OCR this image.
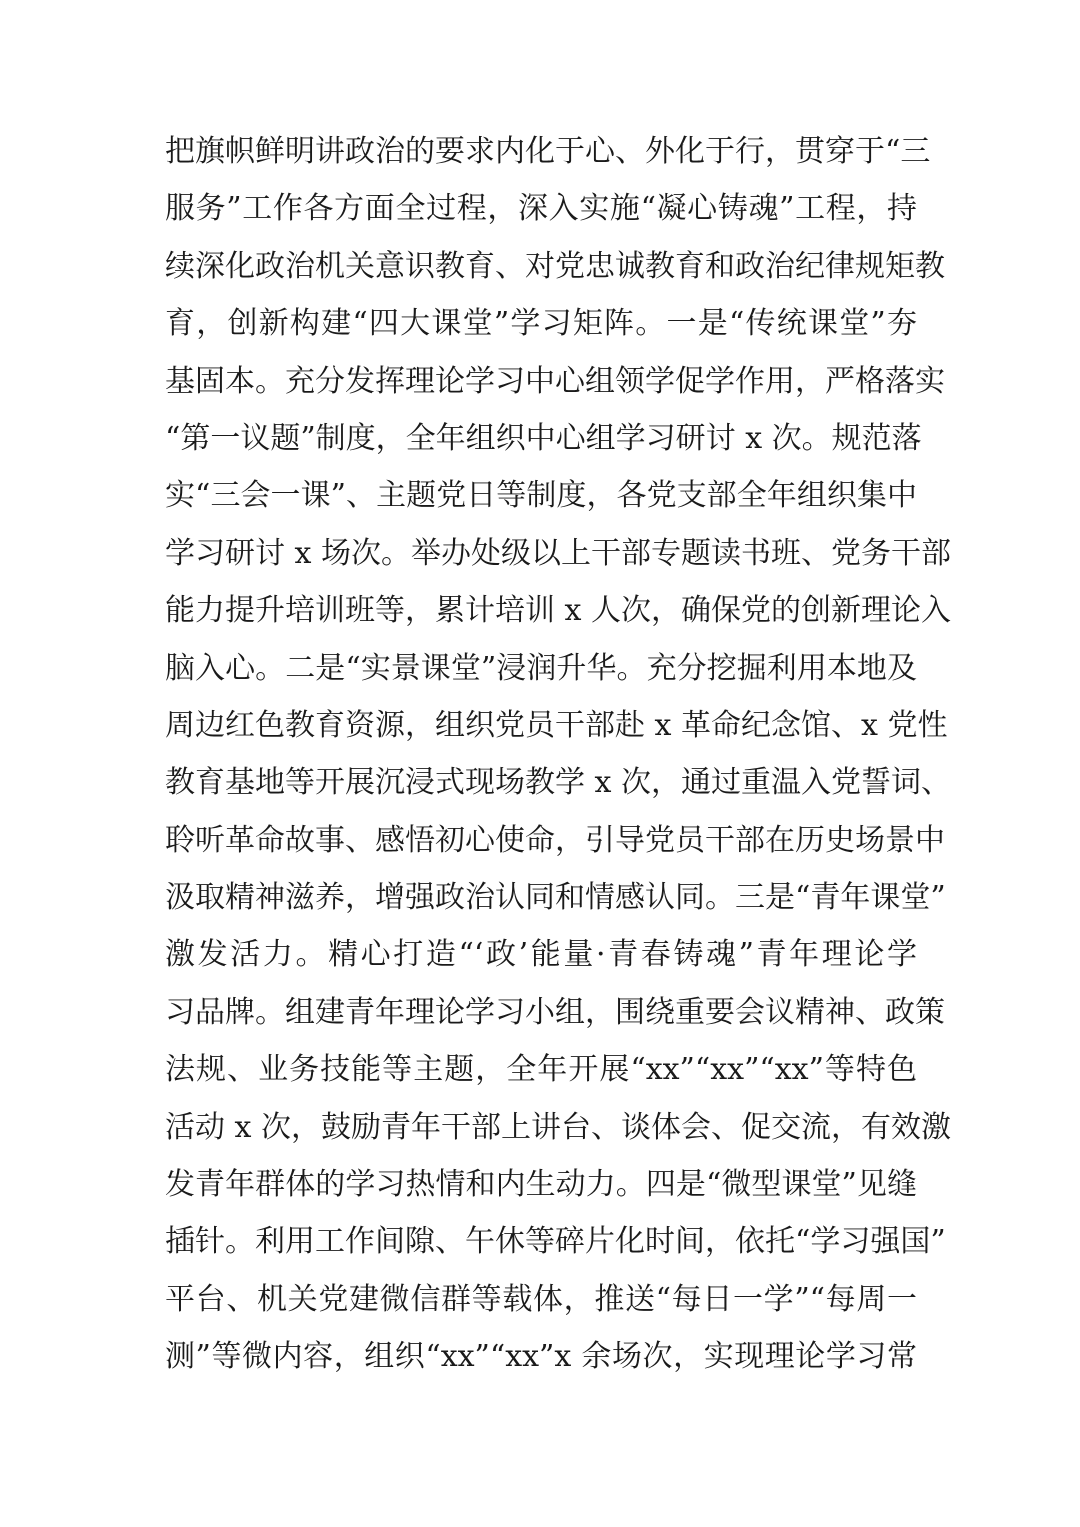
把旗帜鲜明讲政治的要求内化于心、外化于行，贯穿于“三
服务”工作各方面全过程，深入实施“凝心铸魂”工程，持
续深化政治机关意识教育、对党忠诚教育和政治纪律规矩教
育，创新构建“四大课堂”学习矩阵。一是“传统课堂”夯
基固本。充分发挥理论学习中心组领学促学作用，严格落实
“第一议题”制度，全年组织中心组学习研讨 x 次。规范落
实“三会一课”、主题党日等制度，各党支部全年组织集中
学习研讨 x 场次。举办处级以上干部专题读书班、党务干部
能力提升培训班等，累计培训 x 人次，确保党的创新理论入
脑入心。二是“实景课堂”浸润升华。充分挖掘利用本地及
周边红色教育资源，组织党员干部赴 x 革命纪念馆、x 党性
教育基地等开展沉浸式现场教学 x 次，通过重温入党誓词、
聆听革命故事、感悟初心使命，引导党员干部在历史场景中
汲取精神滋养，增强政治认同和情感认同。三是“青年课堂”
激发活力。精心打造“‘政’能量·青春铸魂”青年理论学
习品牌。组建青年理论学习小组，围绕重要会议精神、政策
法规、业务技能等主题，全年开展“xx”“xx”“xx”等特色
活动 x 次，鼓励青年干部上讲台、谈体会、促交流，有效激
发青年群体的学习热情和内生动力。四是“微型课堂”见缝
插针。利用工作间隙、午休等碎片化时间，依托“学习强国”
平台、机关党建微信群等载体，推送“每日一学”“每周一
测”等微内容，组织“xx”“xx”x 余场次，实现理论学习常
